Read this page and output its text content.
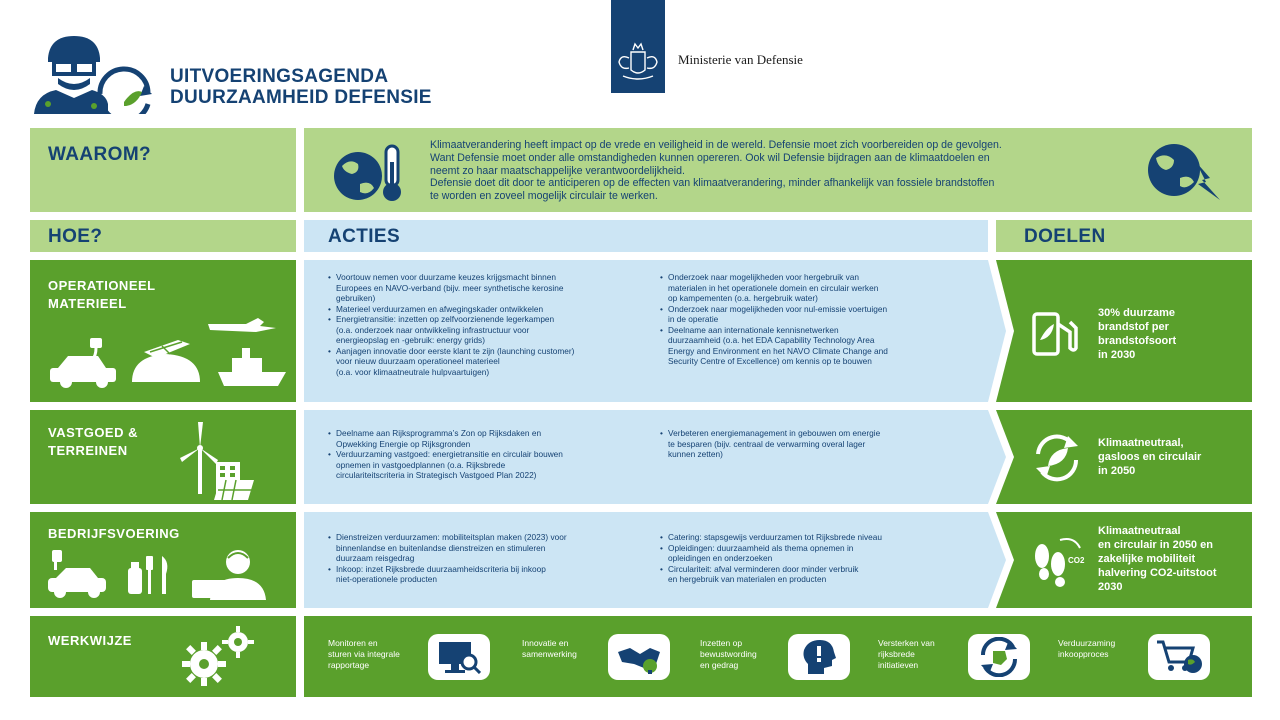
UITVOERINGSAGENDA
DUURZAAMHEID DEFENSIE
Ministerie van Defensie
WAAROM?	Klimaatverandering heeft impact op de vrede en veiligheid in de wereld. Defensie moet zich voorbereiden op de gevolgen.
Want Defensie moet onder alle omstandigheden kunnen opereren. Ook wil Defensie bijdragen aan de klimaatdoelen en
neemt zo haar maatschappelijke verantwoordelijkheid.
Defensie doet dit door te anticiperen op de effecten van klimaatverandering, minder afhankelijk van fossiele brandstoffen
te worden en zoveel mogelijk circulair te werken.
HOE?	ACTIES	DOELEN
OPERATIONEEL
MATERIEEL
• Voortouw nemen voor duurzame keuzes krijgsmacht binnen
Europees en NAVO-verband (bijv. meer synthetische kerosine
gebruiken)
• Materieel verduurzamen en afwegingskader ontwikkelen
• Energietransitie: inzetten op zelfvoorzienende legerkampen
(o.a. onderzoek naar ontwikkeling infrastructuur voor
energieopslag en -gebruik: energy grids)
• Aanjagen innovatie door eerste klant te zijn (launching customer)
voor nieuw duurzaam operationeel materieel
(o.a. voor klimaatneutrale hulpvaartuigen)
• Onderzoek naar mogelijkheden voor hergebruik van
materialen in het operationele domein en circulair werken
op kampementen (o.a. hergebruik water)
• Onderzoek naar mogelijkheden voor nul-emissie voertuigen
in de operatie
• Deelname aan internationale kennisnetwerken
duurzaamheid (o.a. het EDA Capability Technology Area
Energy and Environment en het NAVO Climate Change and
Security Centre of Excellence) om kennis op te bouwen
30% duurzame
brandstof per
brandstofsoort
in 2030
VASTGOED &
TERREINEN
• Deelname aan Rijksprogramma’s Zon op Rijksdaken en
Opwekking Energie op Rijksgronden
• Verduurzaming vastgoed: energietransitie en circulair bouwen
opnemen in vastgoedplannen (o.a. Rijksbrede
circulariteitscriteria in Strategisch Vastgoed Plan 2022)
• Verbeteren energiemanagement in gebouwen om energie
te besparen (bijv. centraal de verwarming overal lager
kunnen zetten)
Klimaatneutraal,
gasloos en circulair
in 2050
BEDRIJFSVOERING
•	Dienstreizen verduurzamen: mobiliteitsplan maken (2023) voor
binnenlandse en buitenlandse dienstreizen en stimuleren
duurzaam reisgedrag
• Inkoop: inzet Rijksbrede duurzaamheidscriteria bij inkoop
niet-operationele producten
• Catering: stapsgewijs verduurzamen tot Rijksbrede niveau
• Opleidingen: duurzaamheid als thema opnemen in
opleidingen en onderzoeken
• Circulariteit: afval verminderen door minder verbruik
en hergebruik van materialen en producten
CO2
Klimaatneutraal
en circulair in 2050 en
zakelijke mobiliteit
halvering CO2-uitstoot
2030
WERKWIJZE	Monitoren en
sturen via integrale
rapportage
Innovatie en
samenwerking
Inzetten op
bewustwording
en gedrag
Versterken van
rijksbrede
initiatieven
Verduurzaming
inkoopproces
